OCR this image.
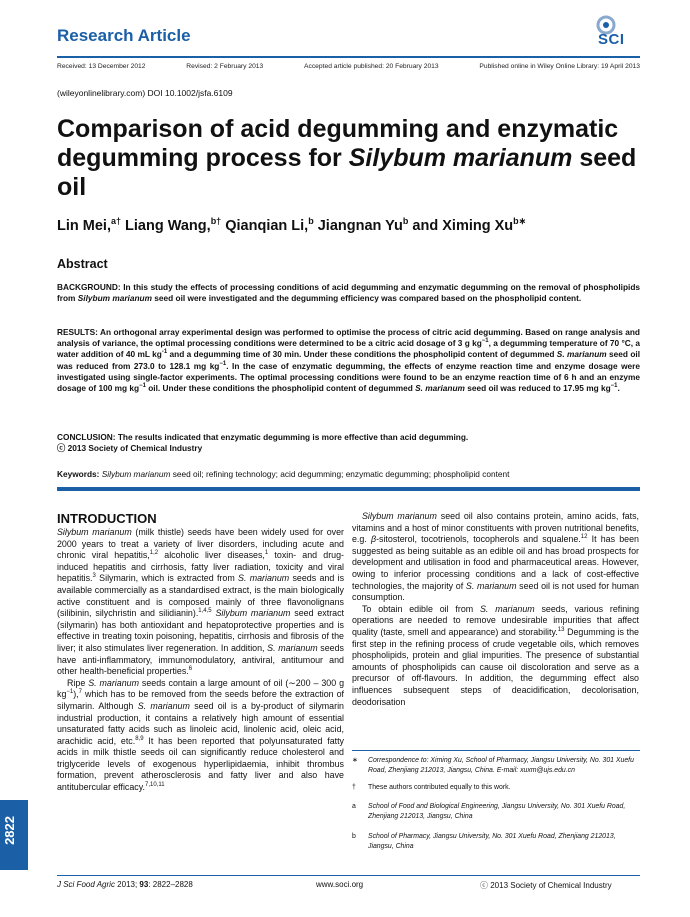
Research Article	SCI
Received: 13 December 2012	Revised: 2 February 2013	Accepted article published: 20 February 2013	Published online in Wiley Online Library: 19 April 2013
(wileyonlinelibrary.com) DOI 10.1002/jsfa.6109
Comparison of acid degumming and enzymatic degumming process for Silybum marianum seed oil
Lin Mei,$^{a\dagger}$ Liang Wang,$^{b\dagger}$ Qianqian Li,$^b$ Jiangnan Yu$^b$ and Ximing $Xu^{b∗}$
Abstract
BACKGROUND: In this study the effects of processing conditions of acid degumming and enzymatic degumming on the removal of phospholipids from Silybum marianum seed oil were investigated and the degumming efficiency was compared based on the phospholipid content.
RESULTS: An orthogonal array experimental design was performed to optimise the process of citric acid degumming. Based on range analysis and analysis of variance, the optimal processing conditions were determined to be a citric acid dosage of 3 g $kg^{-1}$, a degumming temperature of 70 °C, a water addition of 40 mL $kg^{-1}$ and a degumming time of 30 min. Under these conditions the phospholipid content of degummed S. marianum seed oil was reduced from 273.0 to 128.1 mg $kg^{-1}$. In the case of enzymatic degumming, the effects of enzyme reaction time and enzyme dosage were investigated using single-factor experiments. The optimal processing conditions were found to be an enzyme reaction time of 6 h and an enzyme dosage of 100 mg $kg^{-1}$ oil. Under these conditions the phospholipid content of degummed S. marianum seed oil was reduced to 17.95 mg $kg^{-1}$.
CONCLUSION: The results indicated that enzymatic degumming is more effective than acid degumming.
ⓒ 2013 Society of Chemical Industry
Keywords: Silybum marianum seed oil; refining technology; acid degumming; enzymatic degumming; phospholipid content
INTRODUCTION

Silybum marianum (milk thistle) seeds have been widely used for over 2000 years to treat a variety of liver disorders, including acute and chronic viral hepatitis,$^{1,2}$ alcoholic liver diseases,$^1$ toxin- and drug-induced hepatitis and cirrhosis, fatty liver radiation, toxicity and viral hepatitis.$^3$ Silymarin, which is extracted from S. marianum seeds and is available commercially as a standardised extract, is the main biologically active constituent and is composed mainly of three flavonolignans (silibinin, silychristin and silidianin).$^{1,4,5}$ Silybum marianum seed extract (silymarin) has both antioxidant and hepatoprotective properties and is effective in treating toxin poisoning, hepatitis, cirrhosis and fibrosis of the liver; it also stimulates liver regeneration. In addition, S. marianum seeds have anti-inflammatory, immunomodulatory, antiviral, antitumour and other health-beneficial properties.$^6$

Ripe S. marianum seeds contain a large amount of oil (∼200 – 300 g $kg^{-1}),^7$ which has to be removed from the seeds before the extraction of silymarin. Although S. marianum seed oil is a by-product of silymarin industrial production, it contains a relatively high amount of essential unsaturated fatty acids such as linoleic acid, linolenic acid, oleic acid, arachidic acid, etc.$^{8,9}$ It has been reported that polyunsaturated fatty acids in milk thistle seeds oil can significantly reduce cholesterol and triglyceride levels of exogenous hyperlipidaemia, inhibit thrombus formation, prevent atherosclerosis and fatty liver and also have antitubercular efficacy.$^{7,10,11}$

Silybum marianum seed oil also contains protein, amino acids, fats, vitamins and a host of minor constituents with proven nutritional benefits, e.g. β-sitosterol, tocotrienols, tocopherols and squalene.$^{12}$ It has been suggested as being suitable as an edible oil and has broad prospects for development and utilisation in food and pharmaceutical areas. However, owing to inferior processing conditions and a lack of cost-effective technologies, the majority of S. marianum seed oil is not used for human consumption.

To obtain edible oil from S. marianum seeds, various refining operations are needed to remove undesirable impurities that affect quality (taste, smell and appearance) and storability.$^{13}$ Degumming is the first step in the refining process of crude vegetable oils, which removes phospholipids, protein and glial impurities. The presence of substantial amounts of phospholipids can cause oil discoloration and serve as a precursor of off-flavours. In addition, the degumming effect also influences subsequent steps of deacidification, decolorisation, deodorisation

∗	Correspondence to: Ximing Xu, School of Pharmacy, Jiangsu University, No. 301 Xuefu Road, Zhenjiang 212013, Jiangsu, China. E-mail: xuxm@ujs.edu.cn
†	These authors contributed equally to this work.
a	School of Food and Biological Engineering, Jiangsu University, No. 301 Xuefu Road, Zhenjiang 212013, Jiangsu, China
b	School of Pharmacy, Jiangsu University, No. 301 Xuefu Road, Zhenjiang 212013, Jiangsu, China
2822
J Sci Food Agric 2013; 93: 2822–2828	www.soci.org	ⓒ 2013 Society of Chemical Industry
